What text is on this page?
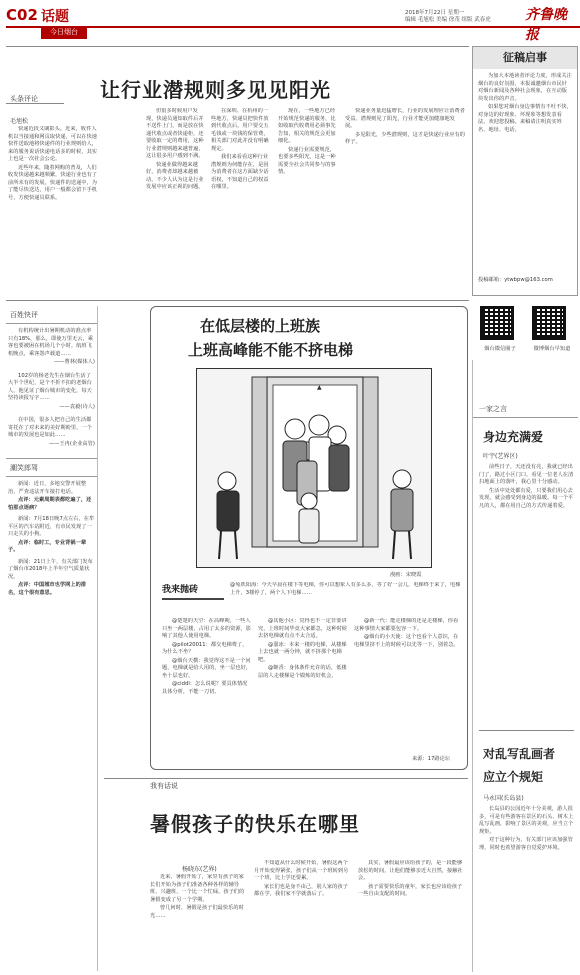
C02 话题
今日烟台
2018年7月22日 星期一
编辑 毛旭松 美编 徐茂 组版 武春虎 齐鲁晚报
头条评论	让行业潜规则多见见阳光
毛旭松

快递近段又刷影头。近来，收件人机以当接通和网页取快递，可以在快速快件送取地将快递件的行业规则给人，来的服务说话快递电话多的时候，其实上也是一次社会公论。

近些年来，随着网购的普及，人们收发快递越来越频繁，快递行业也有了前所未有的发展。快递件的送递中，为了能尽快送达，用户一般都会留下手机号，方便快递员联系。

但很多时候用户发现，快递员通知取件后并不送件上门，而是放在快递代收点或者快递柜，还要收取一定的费用，这种行业潜规则越来越普遍，这让很多用户感到不满。

快递业做得越来越好，消费者却越来越被动，不少人认为这是行业发展中应该正视的问题。

在深圳、在杭州的一些地方，快递员把快件放到代收点后，用户要交五毛钱或一块钱的保管费，相关部门对此并没有明确规定。

我们来看看这种行业潜规则为何能存在，是因为消费者在这方面缺少话语权，不知道自己的权益在哪里。

现在，一些地方已经开始规范快递的服务，比如收取代收费用必须事先告知，相关的规范会更加细化。

快递行业需要规范，也要多些阳光，这是一种需要全社会共同参与的事情。

快递业务量迅猛增长，行业的发展理应让消费者受益。潜规则见了阳光，行业才能更加健康地发展。

多见阳光，少些潜规则，这才是快递行业应有的样子。

征稿启事

为加大本地读者评论力度，形成关注烟台的良好氛围，本报诚邀烟台市民针对烟台新闻及各种社会现象，在互动版块发出你的声音。

如果您对烟台身边事情有不吐不快，对身边的好现象、坏现象等想发表看法，欢迎您投稿。来稿请注明真实姓名、地址、电话。

投稿邮箱：ytwbpw@163.com
烟台微信圈子	微博烟台早知道
百姓快评

有机构统计出暑期机动的准点率只有18%，那么，即使万里无云，乘客也要被困在机场几个小时。航班飞机晚点，乘客怨声载道……

——曹林(媒体人)

102岁的杨老先生在烟台生活了大半个世纪，是个不折不扣的老烟台人，他见证了烟台城市的变化，每天坚持读报写字……

——袁毅(诗人)

在中国，很多人把自己的生活都寄托在了对未来的美好期盼里，一个城市的发展也是如此……

——王冉(企业高管)
潮笑郎驾

新闻：近日，多地交警开展整治，严查违法开车接打电话。

点评：元素周期表都吃遍了，还怕那点语病？

新闻：7月18日晚7点左右，在牟平区的汽车站附近，有市民发现了一只走失的小狗。

点评：临时工，专业背锅一辈子。

新闻：21日上午，有关部门发布了烟台市2018年上半年空气质量状况。

点评：中国城市也学网上的排名，这个很有意思。

在低层楼的上班族
上班高峰能不能不挤电梯
▲
漫画：宋晓霞
我来抛砖	@兔妖阳海：今天早晨在楼下等电梯，你可以想象人有多么多，等了好一会儿，电梯终于来了，电梯上升，3楼停了，两个人下电梯……

@楚楚的天空：在高峰期，一些人只坐一两层楼，占用了太多的资源，影响了其他人使用电梯。

@pilot20011：都交电梯费了，为什么不坐？

@烟台天横：我觉得这不是一个问题，电梯就是给人用的，坐一层也好，坐十层也好。

@ciddl：怎么说呢？要具体情况具体分析，不能一刀切。

@其他小区：觉得也不一定非要讲究，上班时间毕竟大家都急，这种时候去挤电梯就有点不太合适。

@溜冰：本来一楼的电梯，从楼梯上去也就一两分钟，就不挤那个电梯吧。

@姬香：身体条件允许的话，低楼层的人走楼梯是个锻炼的好机会。

@新一代：能走楼梯的还是走楼梯，你看这种事情大家都要包容一下。

@烟台的小天使：这个也看个人意识，在电梯里挤不上的时候可以先等一下，别着急。

来源：17路论坛
我有话说
暑假孩子的快乐在哪里
杨晓东(艺界)

近来，暑假开始了，家里有孩子的家长们开始为孩子们准备各种各样的辅导班、兴趣班，一个比一个忙碌。孩子们的暑假变成了另一个学期。

曾几何时，暑假是孩子们最快乐的时光……

不知道从什么时候开始，暑假这两个月开始变得紧张，孩子们从一个班转到另一个班，比上学还要累。

家长们也是身不由己，别人家的孩子都在学，我们家不学就落后了。

其实，暑假最应该给孩子的，是一段能够放松的时间，让他们能够亲近大自然，接触社会。

孩子需要快乐的童年，家长也应该给孩子一些自由支配的时间。

一家之言
身边充满爱
叶宇(艺界区)

前些日子，天还没有亮，我就已经出门了，路过小区门口，看见一位老人在清扫地面上的落叶，我心里十分感动。

生活中处处都有爱，只要我们用心去发现，就会感受到身边的温暖。每一个平凡的人，都在用自己的方式传递着爱。

对乱写乱画者
应立个规矩
马永国(长岛县)

长岛县的公园近年十分美观，游人很多，可是有些游客在景区的石头、树木上乱写乱画，影响了景区的美观，应当立个规矩。

对于这种行为，有关部门应该加强管理，同时也希望游客自觉爱护环境。
